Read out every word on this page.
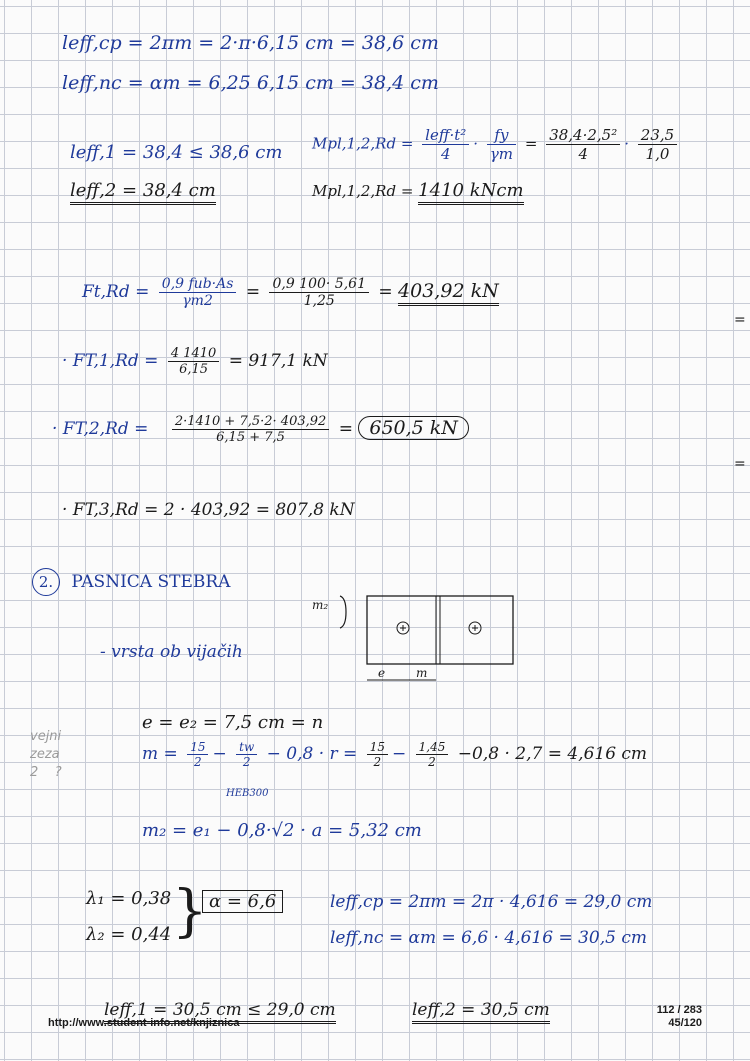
leff,cp = 2πm = 2·π·6,15 cm = 38,6 cm
leff,nc = αm = 6,25 6,15 cm = 38,4 cm
leff,1 = 38,4 ≤ 38,6 cm $Mpl,1,2,Rd = \frac{\text{leff·t²}}{4} \cdot \frac{fy}{\gamma m} = \frac{\text{38,4·2,5²}}{4} \cdot \frac{23,5}{1,0}$
leff,2 = 38,4 cm	Mpl,1,2,Rd = 1410 kNcm
$Ft,Rd = \frac{\text{0,9 fub·As}}{\gamma m2} = \frac{0,9 100\cdot 5,61}{1,25} = 403,92$ kN
· $FT,1,Rd = \frac{4 1410}{6,15} = 917,1$ kN
· $FT,2,Rd = \frac{2\cdot 1410 + 7,5\cdot 2\cdot 403,92}{6,15 + 7,5} = 650,5$ kN
· FT,3,Rd = 2 · 403,92 = 807,8 kN
2. PASNICA STEBRA
- vrsta ob vijačih
m₂
e	m
vejni
zeza
2    ?
e = e₂ = 7,5 cm = n
$m = \frac{15}{2} - \frac{tw}{2} - 0,8 \cdot r = \frac{15}{2} - \frac{1,45}{2} -0,8 \cdot 2,7 = 4,616$ cm
HEB300
m₂ = e₁ − 0,8·√2 · a = 5,32 cm
λ₁ = 0,38
λ₂ = 0,44 } α = 6,6	leff,cp = 2πm = 2π · 4,616 = 29,0 cm
leff,nc = αm = 6,6 · 4,616 = 30,5 cm
leff,1 = 30,5 cm ≤ 29,0 cm	leff,2 = 30,5 cm
=
=
http://www.student-info.net/knjiznica
112 / 283
45/120
